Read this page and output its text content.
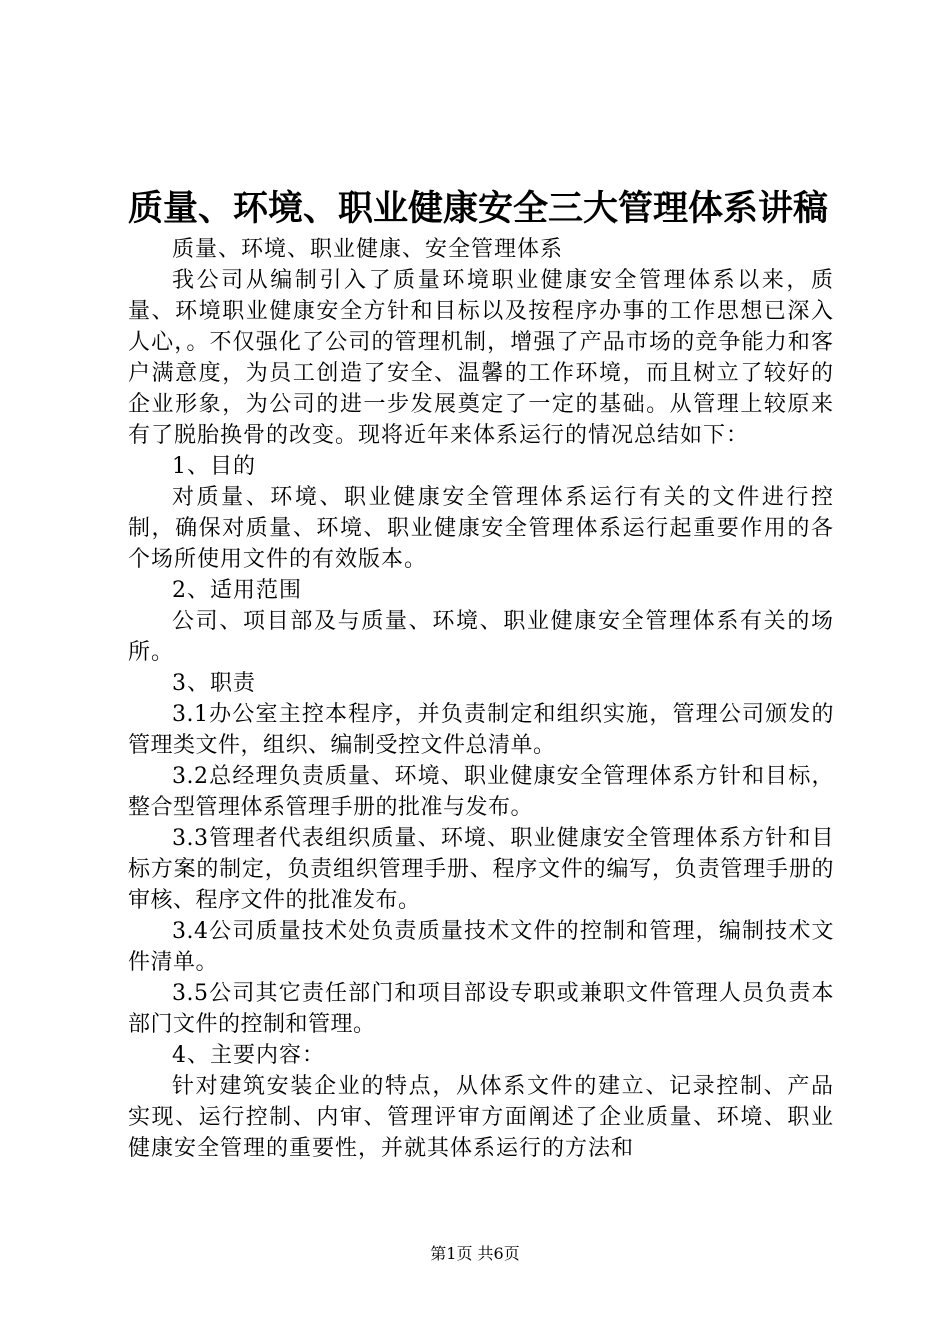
质量、环境、职业健康安全三大管理体系讲稿

质量、环境、职业健康、安全管理体系

我公司从编制引入了质量环境职业健康安全管理体系以来，质量、环境职业健康安全方针和目标以及按程序办事的工作思想已深入人心，。不仅强化了公司的管理机制，增强了产品市场的竞争能力和客户满意度，为员工创造了安全、温馨的工作环境，而且树立了较好的企业形象，为公司的进一步发展奠定了一定的基础。从管理上较原来有了脱胎换骨的改变。现将近年来体系运行的情况总结如下：

1、目的

对质量、环境、职业健康安全管理体系运行有关的文件进行控制，确保对质量、环境、职业健康安全管理体系运行起重要作用的各个场所使用文件的有效版本。

2、适用范围

公司、项目部及与质量、环境、职业健康安全管理体系有关的场所。

3、职责

3.1办公室主控本程序，并负责制定和组织实施，管理公司颁发的管理类文件，组织、编制受控文件总清单。

3.2总经理负责质量、环境、职业健康安全管理体系方针和目标，整合型管理体系管理手册的批准与发布。

3.3管理者代表组织质量、环境、职业健康安全管理体系方针和目标方案的制定，负责组织管理手册、程序文件的编写，负责管理手册的审核、程序文件的批准发布。

3.4公司质量技术处负责质量技术文件的控制和管理，编制技术文件清单。

3.5公司其它责任部门和项目部设专职或兼职文件管理人员负责本部门文件的控制和管理。

4、主要内容：

针对建筑安装企业的特点，从体系文件的建立、记录控制、产品实现、运行控制、内审、管理评审方面阐述了企业质量、环境、职业健康安全管理的重要性，并就其体系运行的方法和

第1页 共6页
